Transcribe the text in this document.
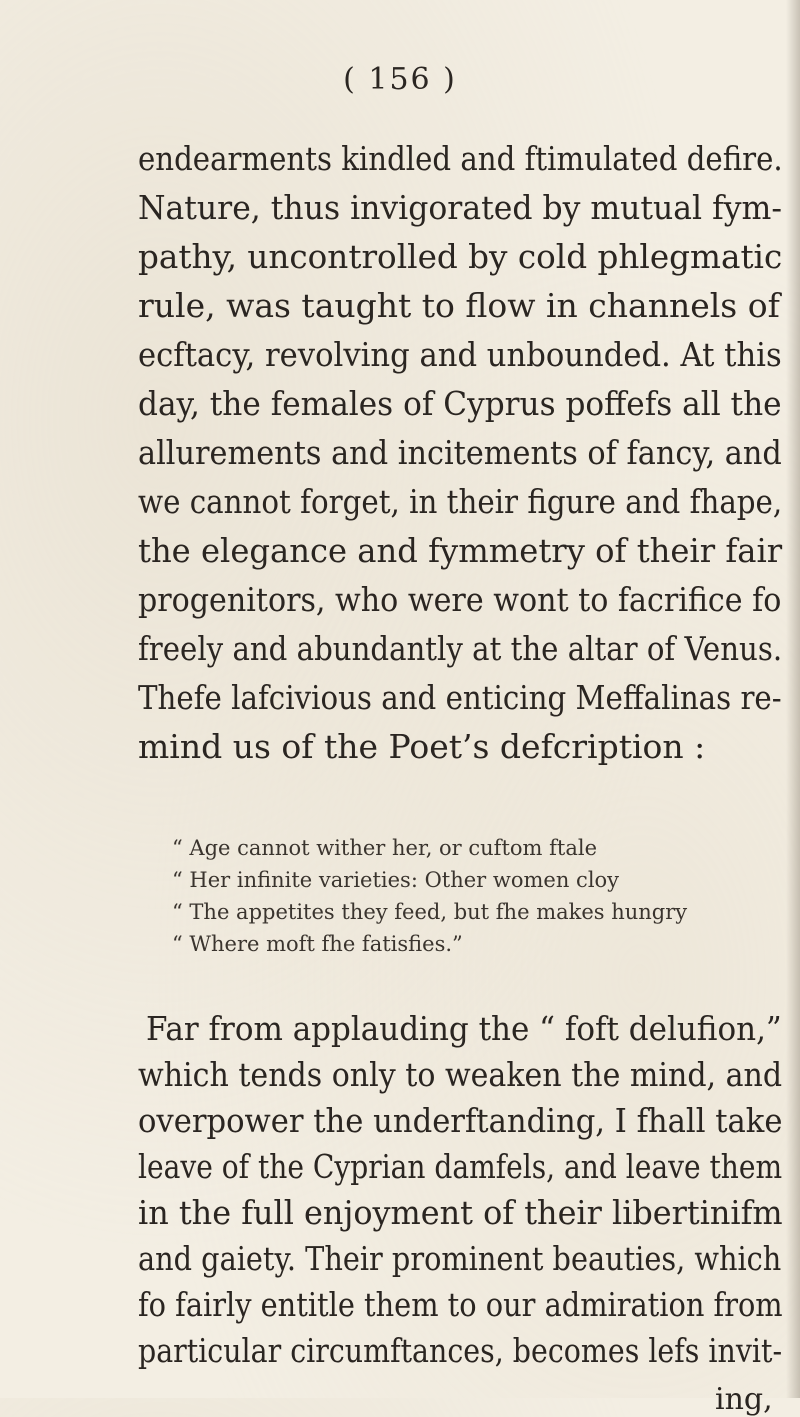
( 156 )
endearments kindled and ftimulated defire.
Nature, thus invigorated by mutual fym-
pathy, uncontrolled by cold phlegmatic
rule, was taught to flow in channels of
ecftacy, revolving and unbounded. At this
day, the females of Cyprus poffefs all the
allurements and incitements of fancy, and
we cannot forget, in their figure and fhape,
the elegance and fymmetry of their fair
progenitors, who were wont to facrifice fo
freely and abundantly at the altar of Venus.
Thefe lafcivious and enticing Meffalinas re-
mind us of the Poet’s defcription :
“ Age cannot wither her, or cuftom ftale
“ Her infinite varieties: Other women cloy
“ The appetites they feed, but fhe makes hungry
“ Where moft fhe fatisfies.”
Far from applauding the “ foft delufion,”
which tends only to weaken the mind, and
overpower the underftanding, I fhall take
leave of the Cyprian damfels, and leave them
in the full enjoyment of their libertinifm
and gaiety. Their prominent beauties, which
fo fairly entitle them to our admiration from
particular circumftances, becomes lefs invit-
ing,
